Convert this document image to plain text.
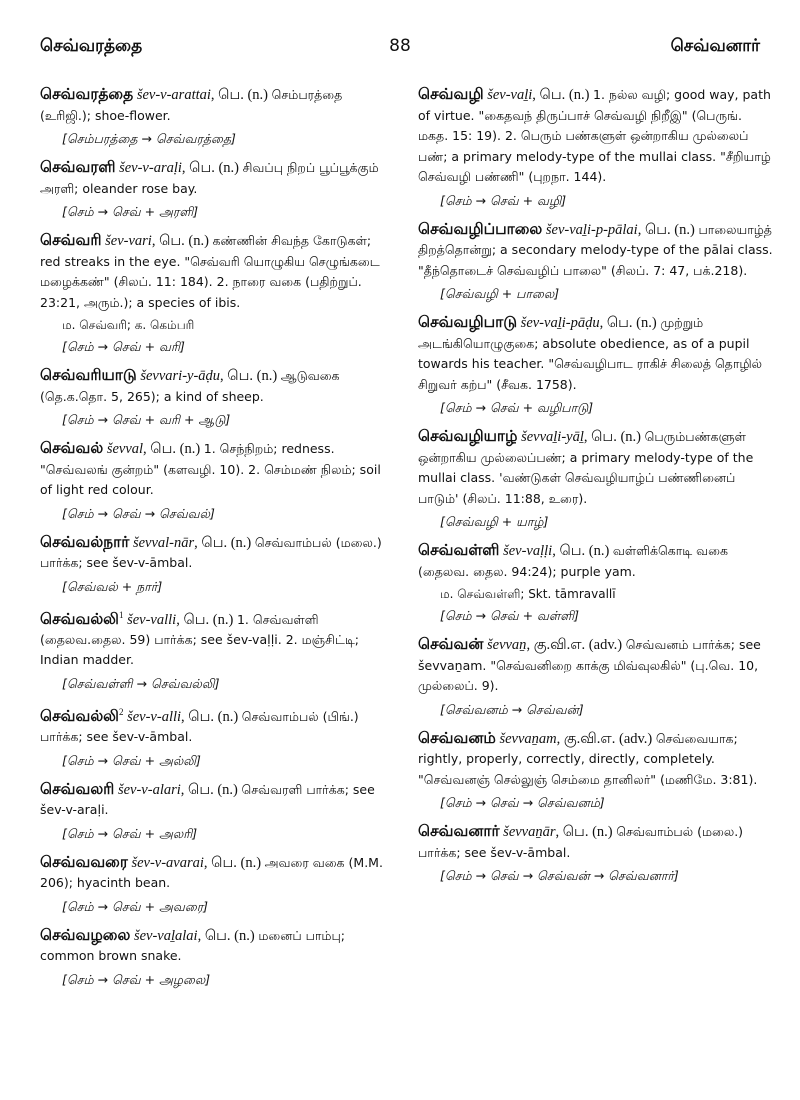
செவ்வரத்தை	88	செவ்வனார்
செவ்வரத்தை šev-v-arattai, பெ. (n.) செம்பரத்தை (உரிஜி.); shoe-flower.
[செம்பரத்தை → செவ்வரத்தை]
செவ்வரளி šev-v-araḷi, பெ. (n.) சிவப்பு நிறப் பூப்பூக்கும் அரளி; oleander rose bay.
[செம் → செவ் + அரளி]
செவ்வரி šev-vari, பெ. (n.) கண்ணின் சிவந்த கோடுகள்; red streaks in the eye. "செவ்வரி யொழுகிய செழுங்கடை மழைக்கண்" (சிலப். 11: 184). 2. நாரை வகை (பதிற்றுப். 23:21, அரும்.); a species of ibis.
ம. செவ்வரி; க. கெம்பரி
[செம் → செவ் + வரி]
செவ்வரியாடு ševvari-y-āḍu, பெ. (n.) ஆடுவகை (தெ.க.தொ. 5, 265); a kind of sheep.
[செம் → செவ் + வரி + ஆடு]
செவ்வல் ševval, பெ. (n.) 1. செந்நிறம்; redness. "செவ்வலங் குன்றம்" (களவழி. 10). 2. செம்மண் நிலம்; soil of light red colour.
[செம் → செவ் → செவ்வல்]
செவ்வல்நார் ševval-nār, பெ. (n.) செவ்வாம்பல் (மலை.) பார்க்க; see šev-v-āmbal.
[செவ்வல் + நார்]
செவ்வல்லி$^1$ šev-valli, பெ. (n.) 1. செவ்வள்ளி (தைலவ.தைல. 59) பார்க்க; see šev-vaḷḷi. 2. மஞ்சிட்டி; Indian madder.
[செவ்வள்ளி → செவ்வல்லி]
செவ்வல்லி$^2$ šev-v-alli, பெ. (n.) செவ்வாம்பல் (பிங்.) பார்க்க; see šev-v-āmbal.
[செம் → செவ் + அல்லி]
செவ்வலரி šev-v-alari, பெ. (n.) செவ்வரளி பார்க்க; see šev-v-araḷi.
[செம் → செவ் + அலரி]
செவ்வவரை šev-v-avarai, பெ. (n.) அவரை வகை (M.M. 206); hyacinth bean.
[செம் → செவ் + அவரை]
செவ்வழலை šev-vaḻalai, பெ. (n.) மனைப் பாம்பு; common brown snake.
[செம் → செவ் + அழலை]
செவ்வழி šev-vaḻi, பெ. (n.) 1. நல்ல வழி; good way, path of virtue. "கைதவந் திருப்பாச் செவ்வழி நிறீஇ" (பெருங். மகத. 15: 19). 2. பெரும் பண்களுள் ஒன்றாகிய முல்லைப் பண்; a primary melody-type of the mullai class. "சீறியாழ் செவ்வழி பண்ணி" (புறநா. 144).
[செம் → செவ் + வழி]
செவ்வழிப்பாலை šev-vaḻi-p-pālai, பெ. (n.) பாலையாழ்த் திறத்தொன்று; a secondary melody-type of the pālai class. "தீந்தொடைச் செவ்வழிப் பாலை" (சிலப். 7: 47, பக்.218).
[செவ்வழி + பாலை]
செவ்வழிபாடு šev-vaḻi-pāḍu, பெ. (n.) முற்றும் அடங்கியொழுகுகை; absolute obedience, as of a pupil towards his teacher. "செவ்வழிபாட ராகிச் சிலைத் தொழில் சிறுவர் கற்ப" (சீவக. 1758).
[செம் → செவ் + வழிபாடு]
செவ்வழியாழ் ševvaḻi-yāḻ, பெ. (n.) பெரும்பண்களுள் ஒன்றாகிய முல்லைப்பண்; a primary melody-type of the mullai class. 'வண்டுகள் செவ்வழியாழ்ப் பண்ணினைப் பாடும்' (சிலப். 11:88, உரை).
[செவ்வழி + யாழ்]
செவ்வள்ளி šev-vaḷḷi, பெ. (n.) வள்ளிக்கொடி வகை (தைலவ. தைல. 94:24); purple yam.
ம. செவ்வள்ளி; Skt. tāmravallī
[செம் → செவ் + வள்ளி]
செவ்வன் ševvaṉ, கு.வி.எ. (adv.) செவ்வனம் பார்க்க; see ševvaṉam. "செவ்வனிறை காக்கு மிவ்வுலகில்" (பு.வெ. 10, முல்லைப். 9).
[செவ்வனம் → செவ்வன்]
செவ்வனம் ševvaṉam, கு.வி.எ. (adv.) செவ்வையாக; rightly, properly, correctly, directly, completely. "செவ்வனஞ் செல்லுஞ் செம்மை தானிலர்" (மணிமே. 3:81).
[செம் → செவ் → செவ்வனம்]
செவ்வனார் ševvaṉār, பெ. (n.) செவ்வாம்பல் (மலை.) பார்க்க; see šev-v-āmbal.
[செம் → செவ் → செவ்வன் → செவ்வனார்]
